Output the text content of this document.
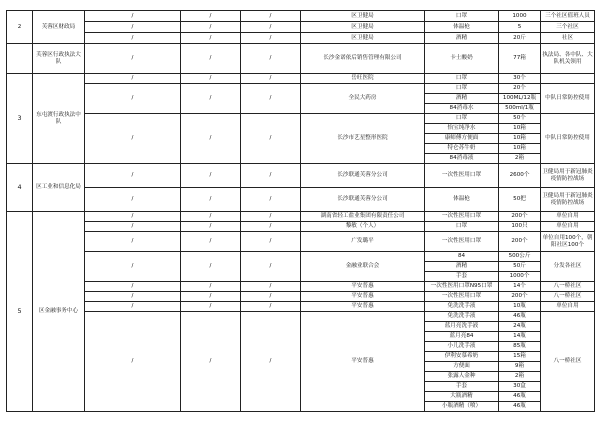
2	芙蓉区财政局	/	/	/	区卫健局	口罩	1000	三个社区值班人员
		/	/	/	区卫健局	体温枪	5	三个社区
		/	/	/	区卫健局	酒精	20斤	社区
	芙蓉区行政执法大队	/	/	/	长沙金诺依后销售管理有限公司	卡士酸奶	77箱	执法局、各中队、大队机关领用
3	东屯渡行政执法中队	/	/	/	岳旺医院	口罩	30个	
		/	/	/	全民大药房	口罩	20个	中队日常防控使用
						酒精	100ML/12瓶	
						84消毒水	500ml/1瓶	
		/	/	/	长沙市艺星整形医院	口罩	50个	中队日常防控使用
						怡宝纯净水	10箱	
						康师傅方便面	10箱	
						特仑苏牛奶	10箱	
						84消毒液	2箱	
4	区工业和信息化局	/	/	/	长沙联通芙蓉分公司	一次性医用口罩	2600个	卫健局用于新冠肺炎疫情防控战场
		/	/	/	长沙联通芙蓉分公司	体温枪	50把	卫健局用于新冠肺炎疫情防控战场
5	区金融事务中心	/	/	/	湖南省轻工盐业集团有限责任公司	一次性医用口罩	200个	单位自用
		/	/	/	黎敏（个人）	口罩	100只	单位自用
		/	/	/	广发璐平	一次性医用口罩	200个	单位自用100个，朝阳社区100个
		/	/	/	金融业联合会	84	500公斤	分发各社区
						酒精	50斤	
						手套	1000个	
		/	/	/	平安普惠	一次性医用口罩N95口罩	14个	八一桥社区
		/	/	/	平安普惠	一次性医用口罩	200个	八一桥社区
		/	/	/	平安普惠	免洗洗手液	10瓶	单位自用
		/	/	/	平安普惠	免洗洗手液	46瓶	八一桥社区
						蓝月亮洗手液	24瓶	
						蓝月亮84	14瓶	
						小儿洗手液	85瓶	
						伊利安慕希奶	15箱	
						方便面	9箱	
						张露人金种	2箱	
						手套	30盒	
						大瓶酒精	46瓶	
						小瓶酒精（喷）	46瓶	
